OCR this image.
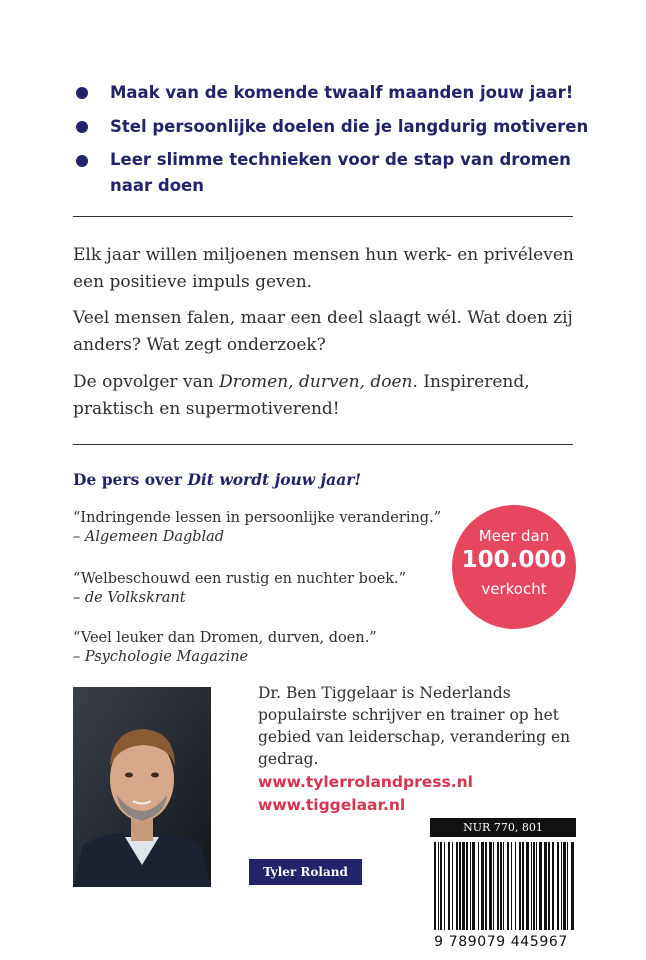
Maak van de komende twaalf maanden jouw jaar!
Stel persoonlijke doelen die je langdurig motiveren
Leer slimme technieken voor de stap van dromen naar doen
Elk jaar willen miljoenen mensen hun werk- en privéleven een positieve impuls geven.
Veel mensen falen, maar een deel slaagt wél. Wat doen zij anders? Wat zegt onderzoek?
De opvolger van Dromen, durven, doen. Inspirerend, praktisch en supermotiverend!
De pers over Dit wordt jouw jaar!
“Indringende lessen in persoonlijke verandering.”
– Algemeen Dagblad
“Welbeschouwd een rustig en nuchter boek.”
– de Volkskrant
“Veel leuker dan Dromen, durven, doen.”
– Psychologie Magazine
Meer dan
100.000
verkocht
Dr. Ben Tiggelaar is Nederlands populairste schrijver en trainer op het gebied van leiderschap, verandering en gedrag.
www.tylerrolandpress.nl
www.tiggelaar.nl
Tyler Roland Press
NUR 770, 801
9 789079 445967
